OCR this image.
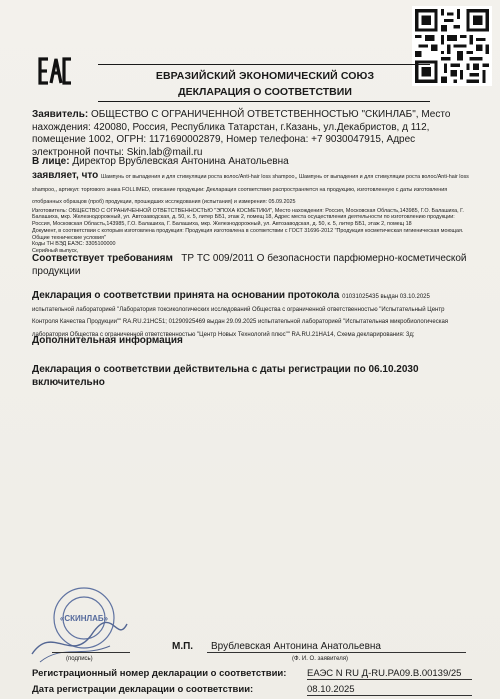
ЕВРАЗИЙСКИЙ ЭКОНОМИЧЕСКИЙ СОЮЗ
ДЕКЛАРАЦИЯ О СООТВЕТСТВИИ
Заявитель: ОБЩЕСТВО С ОГРАНИЧЕННОЙ ОТВЕТСТВЕННОСТЬЮ "СКИНЛАБ", Место нахождения: 420080, Россия, Республика Татарстан, г.Казань, ул.Декабристов, д 112, помещение 1002, ОГРН: 1171690002879, Номер телефона: +7 9030047915, Адрес электронной почты: Skin.lab@mail.ru
В лице: Директор Врублевская Антонина Анатольевна
заявляет, что Шампунь от выпадения и для стимуляции роста волос/Anti-hair loss shampoo,, Шампунь от выпадения и для стимуляции роста волос/Anti-hair loss shampoo,, артикул: торгового знака FOLLIMED, описание продукции: Декларация соответствия распространяется на продукцию, изготовленную с даты изготовления отобранных образцов (проб) продукции, прошедших исследования (испытания) и измерения: 05.09.2025
Изготовитель: ОБЩЕСТВО С ОГРАНИЧЕННОЙ ОТВЕТСТВЕННОСТЬЮ "ЭПОХА КОСМЕТИКИ", Место нахождения: Россия, Московская Область,143985, Г.О. Балашиха, Г. Балашиха, мкр. Железнодорожный, ул. Автозаводская, д. 50, к. 5, литер ББ1, этаж 2, помещ 18, Адрес места осуществления деятельности по изготовлению продукции: Россия, Московская Область,143985, Г.О. Балашиха, Г. Балашиха, мкр. Железнодорожный, ул. Автозаводская, д. 50, к. 5, литер ББ1, этаж 2, помещ 18
Документ, в соответствии с которым изготовлена продукция: Продукция изготовлена в соответствии с ГОСТ 31696-2012 "Продукция косметическая гигиеническая моющая. Общие технические условия"
Коды ТН ВЭД ЕАЭС: 3305100000
Серийный выпуск,
Соответствует требованиям ТР ТС 009/2011 О безопасности парфюмерно-косметической продукции
Декларация о соответствии принята на основании протокола 01031025435 выдан 03.10.2025 испытательной лабораторией "Лаборатория токсикологических исследований Общества с ограниченной ответственностью "Испытательный Центр Контроля Качества Продукции"" RA.RU.21НС51; 01290925469 выдан 29.09.2025 испытательной лабораторией "Испытательная микробиологическая лаборатория Общества с ограниченной ответственностью "Центр Новых Технологий плюс"" RA.RU.21НА14, Схема декларирования: 3д;
Дополнительная информация
Декларация о соответствии действительна с даты регистрации по 06.10.2030 включительно
«СКИНЛАБ»

М.П.	Врублевская Антонина Анатольевна
(подпись)	(Ф. И. О. заявителя)
Регистрационный номер декларации о соответствии: ЕАЭС N RU Д-RU.РА09.В.00139/25
Дата регистрации декларации о соответствии:	08.10.2025
